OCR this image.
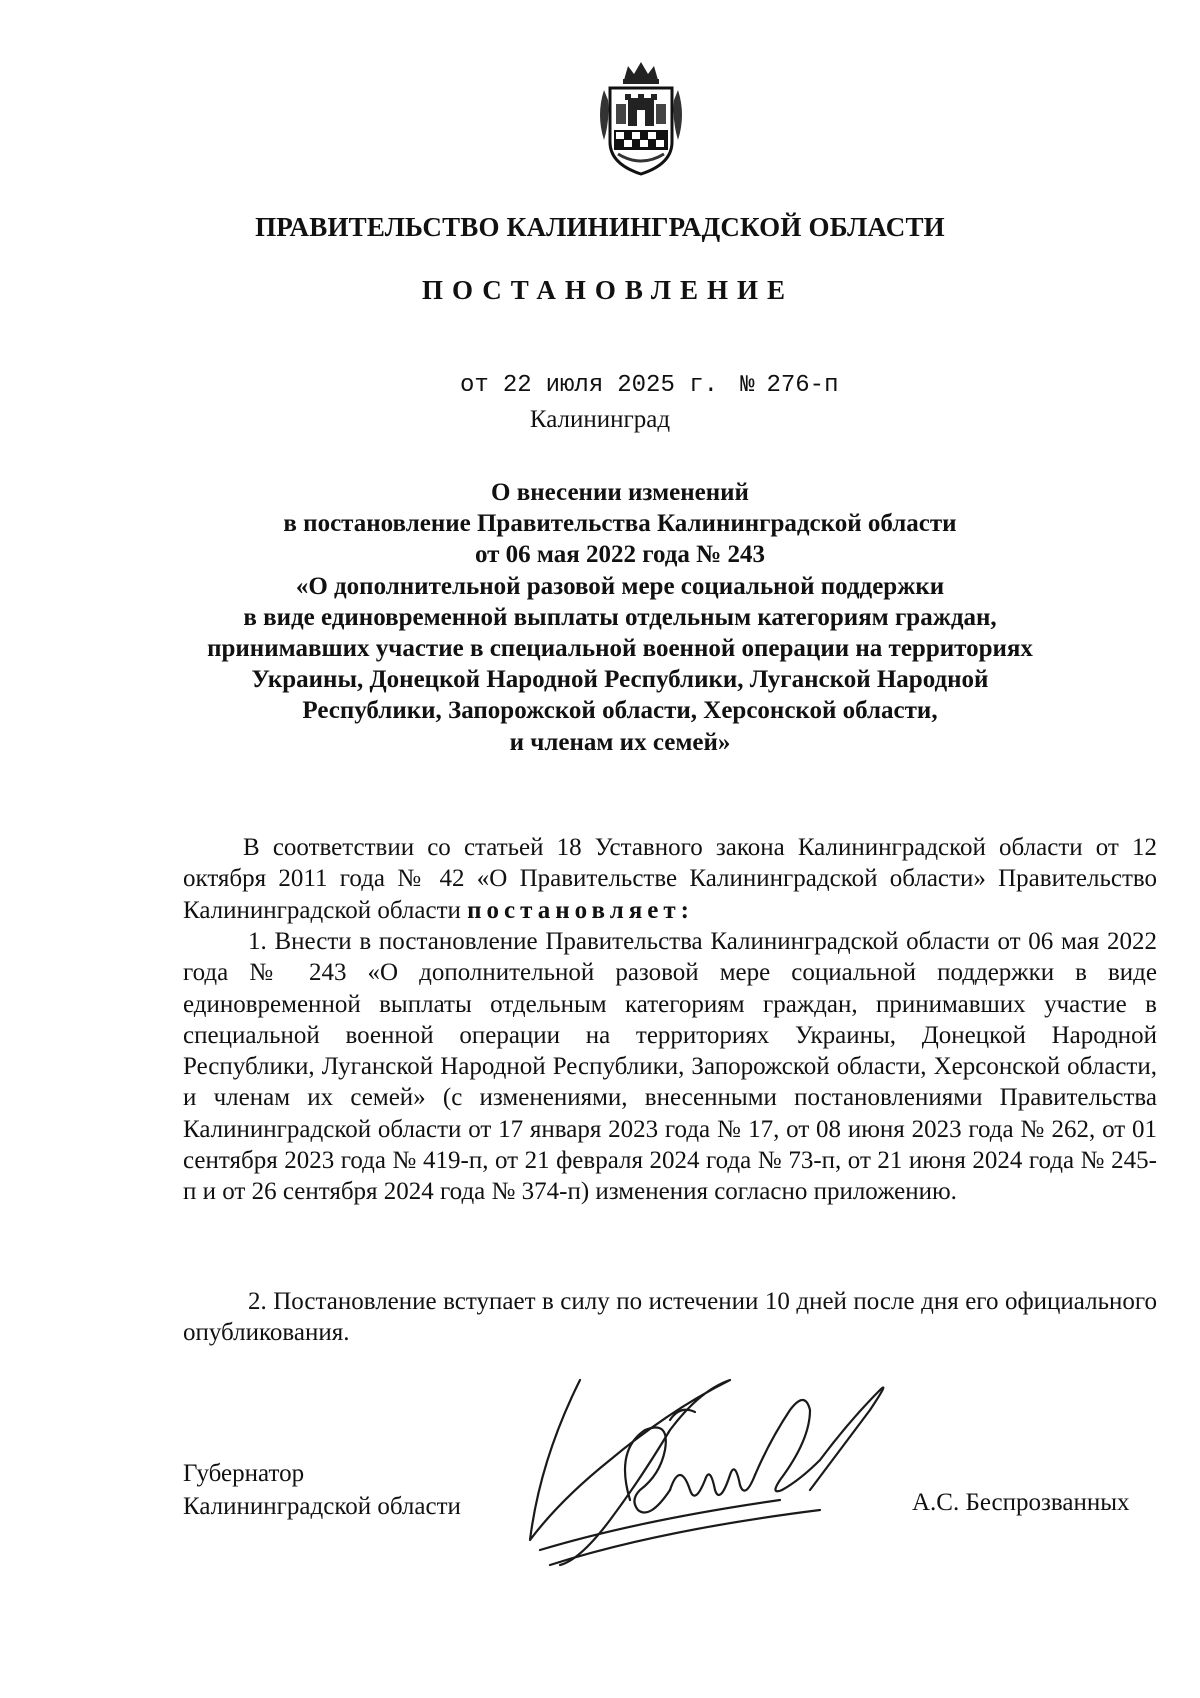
ПРАВИТЕЛЬСТВО КАЛИНИНГРАДСКОЙ ОБЛАСТИ
ПОСТАНОВЛЕНИЕ
от 22 июля 2025 г. № 276-п
Калининград
О внесении изменений
в постановление Правительства Калининградской области
от 06 мая 2022 года № 243
«О дополнительной разовой мере социальной поддержки
в виде единовременной выплаты отдельным категориям граждан,
принимавших участие в специальной военной операции на территориях
Украины, Донецкой Народной Республики, Луганской Народной
Республики, Запорожской области, Херсонской области,
и членам их семей»
В соответствии со статьей 18 Уставного закона Калининградской области от 12 октября 2011 года № 42 «О Правительстве Калининградской области» Правительство Калининградской области постановляет:
1. Внести в постановление Правительства Калининградской области от 06 мая 2022 года № 243 «О дополнительной разовой мере социальной поддержки в виде единовременной выплаты отдельным категориям граждан, принимавших участие в специальной военной операции на территориях Украины, Донецкой Народной Республики, Луганской Народной Республики, Запорожской области, Херсонской области, и членам их семей» (с изменениями, внесенными постановлениями Правительства Калининградской области от 17 января 2023 года № 17, от 08 июня 2023 года № 262, от 01 сентября 2023 года № 419-п, от 21 февраля 2024 года № 73-п, от 21 июня 2024 года № 245-п и от 26 сентября 2024 года № 374-п) изменения согласно приложению.
2. Постановление вступает в силу по истечении 10 дней после дня его официального опубликования.
Губернатор
Калининградской области	А.С. Беспрозванных
